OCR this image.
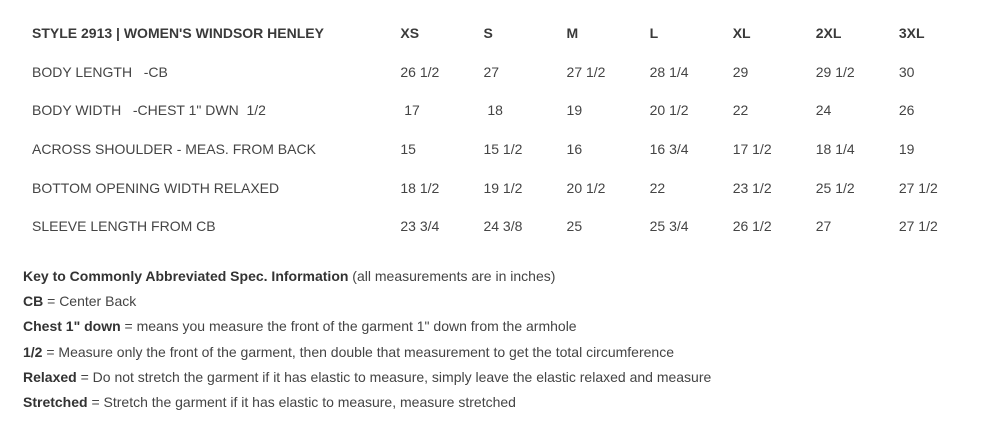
STYLE 2913 | WOMEN'S WINDSOR HENLEY	XS	S	M	L	XL	2XL	3XL
BODY LENGTH   -CB	26 1/2	27	27 1/2	28 1/4	29	29 1/2	30
BODY WIDTH   -CHEST 1" DWN  1/2	17	18	19	20 1/2	22	24	26
ACROSS SHOULDER - MEAS. FROM BACK	15	15 1/2	16	16 3/4	17 1/2	18 1/4	19
BOTTOM OPENING WIDTH RELAXED	18 1/2	19 1/2	20 1/2	22	23 1/2	25 1/2	27 1/2
SLEEVE LENGTH FROM CB	23 3/4	24 3/8	25	25 3/4	26 1/2	27	27 1/2
Key to Commonly Abbreviated Spec. Information (all measurements are in inches)
CB = Center Back
Chest 1" down = means you measure the front of the garment 1" down from the armhole
1/2 = Measure only the front of the garment, then double that measurement to get the total circumference
Relaxed = Do not stretch the garment if it has elastic to measure, simply leave the elastic relaxed and measure
Stretched = Stretch the garment if it has elastic to measure, measure stretched
